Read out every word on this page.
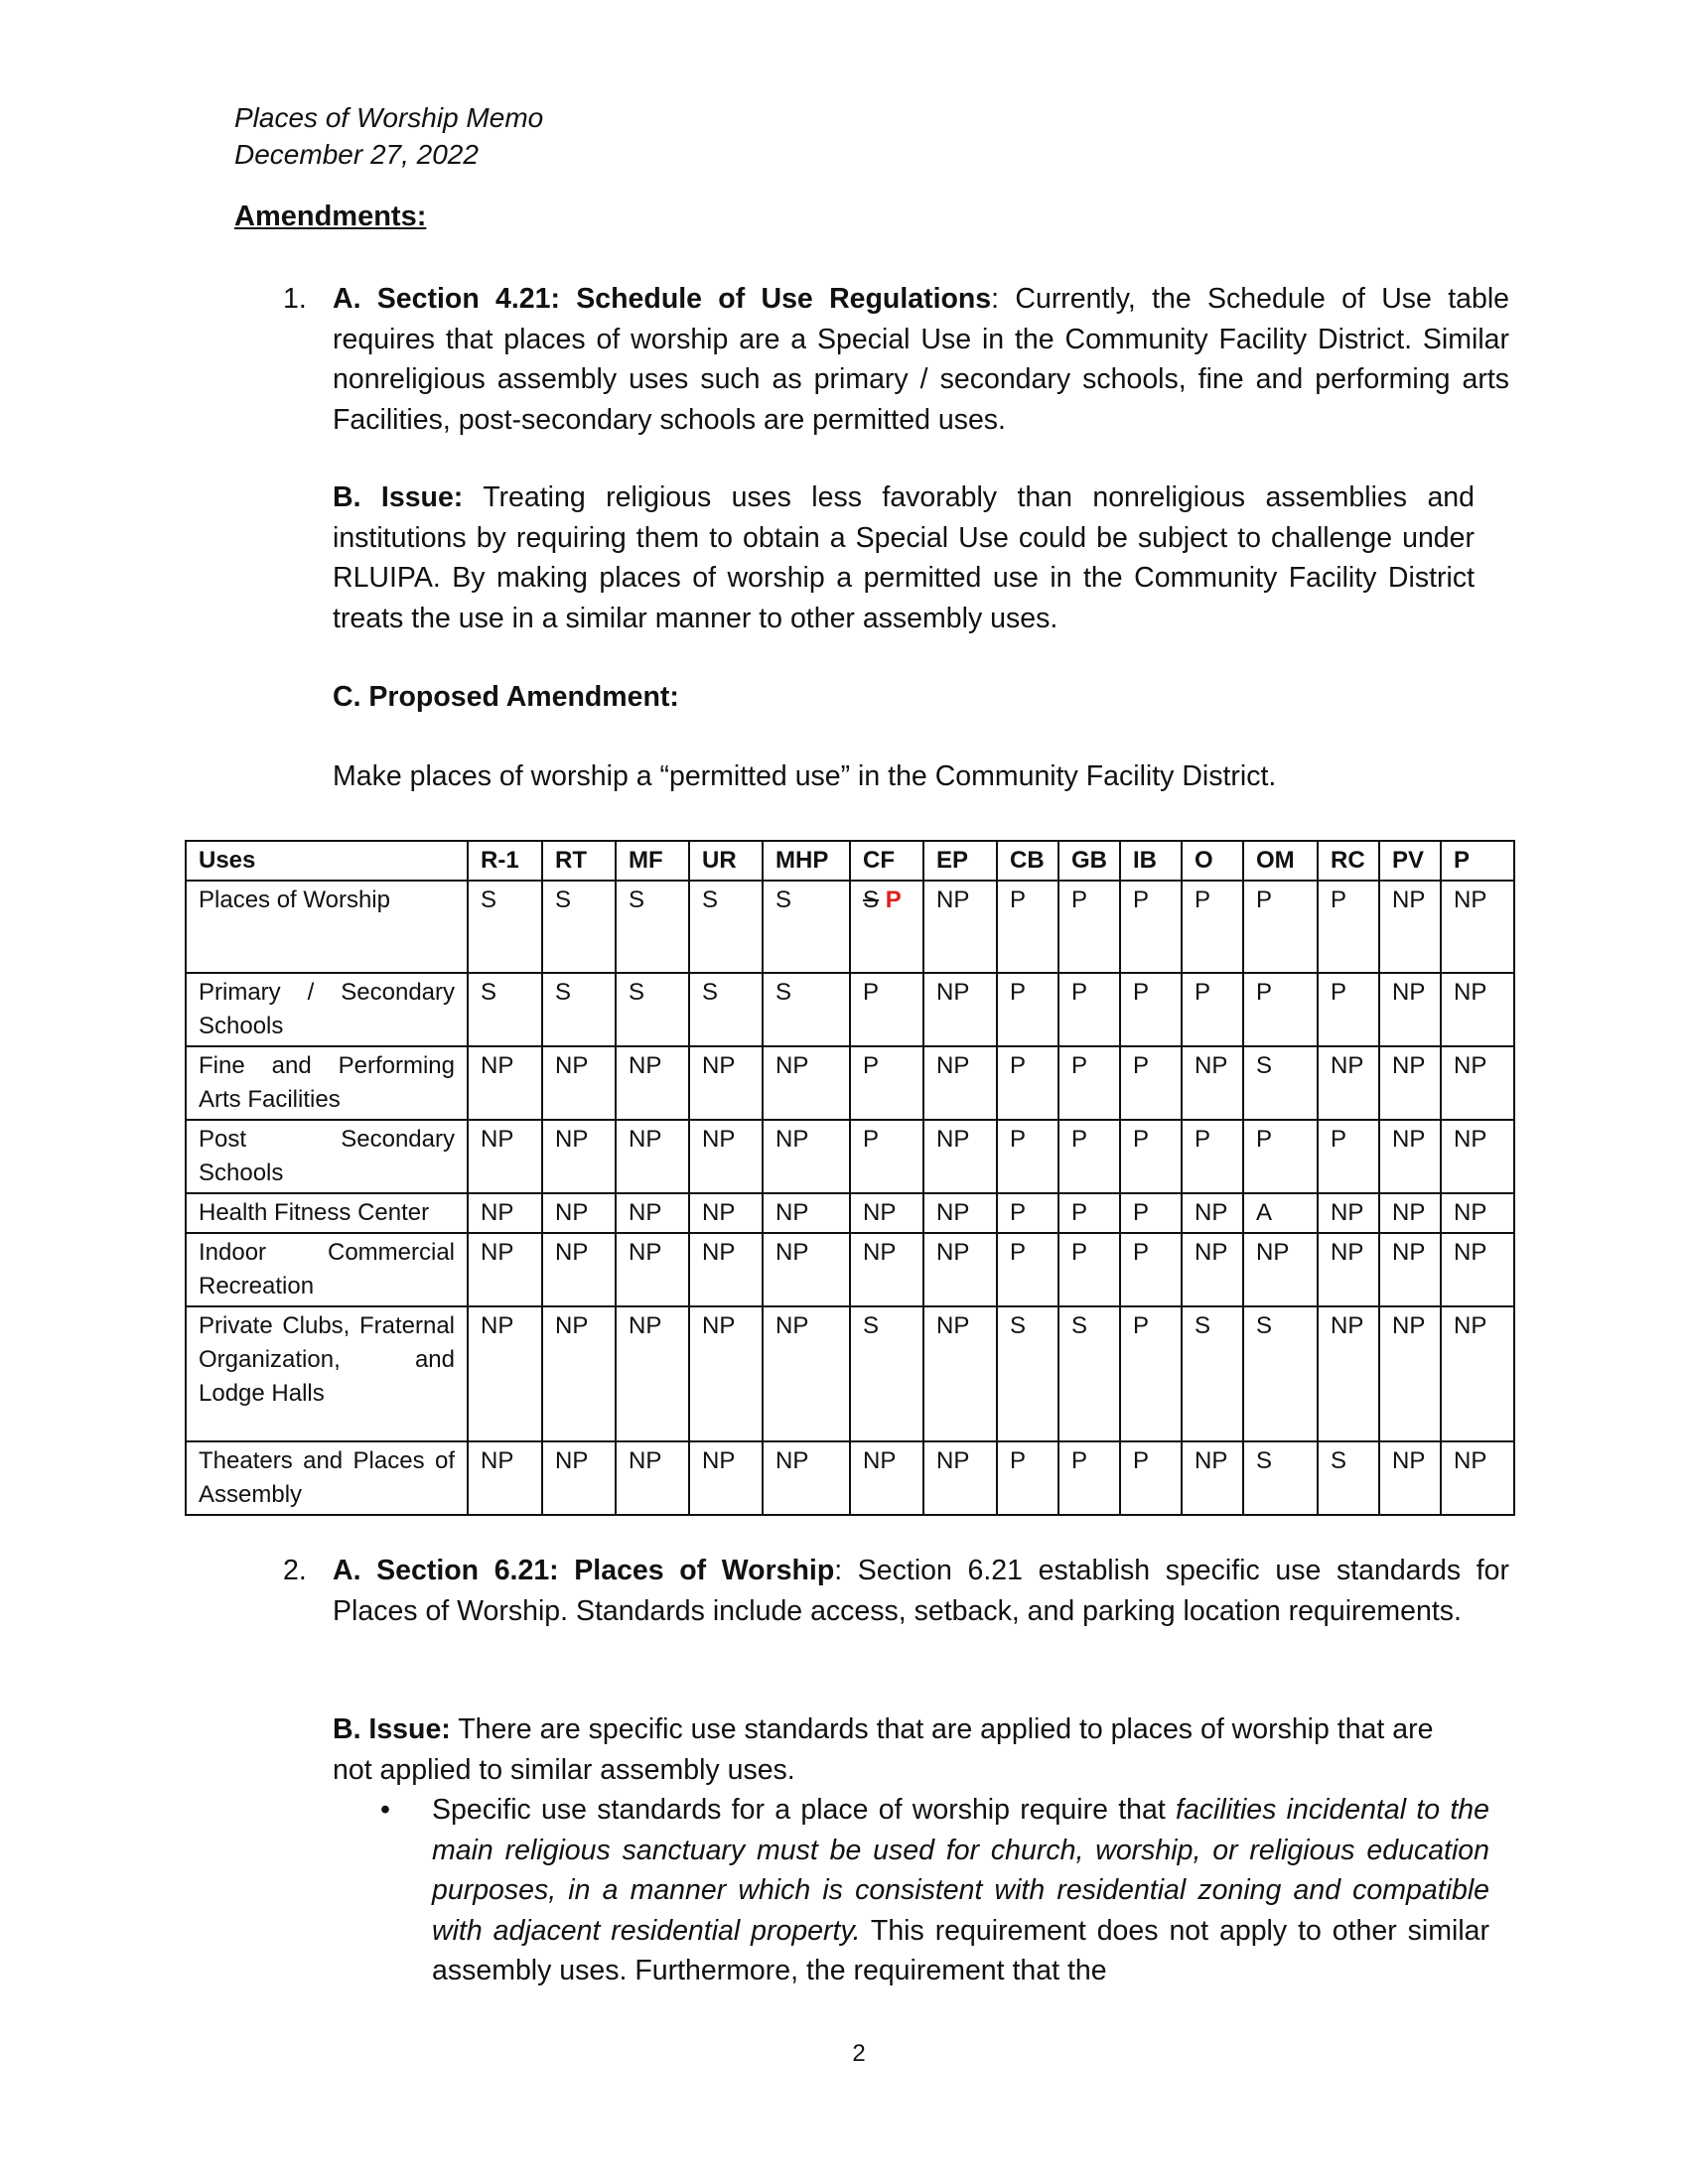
Places of Worship Memo
December 27, 2022
Amendments:
1. A. Section 4.21: Schedule of Use Regulations: Currently, the Schedule of Use table requires that places of worship are a Special Use in the Community Facility District. Similar nonreligious assembly uses such as primary / secondary schools, fine and performing arts Facilities, post-secondary schools are permitted uses.
B. Issue: Treating religious uses less favorably than nonreligious assemblies and institutions by requiring them to obtain a Special Use could be subject to challenge under RLUIPA. By making places of worship a permitted use in the Community Facility District treats the use in a similar manner to other assembly uses.
C. Proposed Amendment:
Make places of worship a “permitted use” in the Community Facility District.
Uses	R-1	RT	MF	UR	MHP	CF	EP	CB	GB	IB	O	OM	RC	PV	P
Places of Worship	S	S	S	S	S	S P	NP	P	P	P	P	P	P	NP	NP
Primary / Secondary Schools	S	S	S	S	S	P	NP	P	P	P	P	P	P	NP	NP
Fine and Performing Arts Facilities	NP	NP	NP	NP	NP	P	NP	P	P	P	NP	S	NP	NP	NP
Post Secondary Schools	NP	NP	NP	NP	NP	P	NP	P	P	P	P	P	P	NP	NP
Health Fitness Center	NP	NP	NP	NP	NP	NP	NP	P	P	P	NP	A	NP	NP	NP
Indoor Commercial Recreation	NP	NP	NP	NP	NP	NP	NP	P	P	P	NP	NP	NP	NP	NP
Private Clubs, Fraternal Organization, and Lodge Halls	NP	NP	NP	NP	NP	S	NP	S	S	P	S	S	NP	NP	NP
Theaters and Places of Assembly	NP	NP	NP	NP	NP	NP	NP	P	P	P	NP	S	S	NP	NP
2. A. Section 6.21: Places of Worship: Section 6.21 establish specific use standards for Places of Worship. Standards include access, setback, and parking location requirements.
B. Issue: There are specific use standards that are applied to places of worship that are not applied to similar assembly uses.
• Specific use standards for a place of worship require that facilities incidental to the main religious sanctuary must be used for church, worship, or religious education purposes, in a manner which is consistent with residential zoning and compatible with adjacent residential property. This requirement does not apply to other similar assembly uses. Furthermore, the requirement that the
2
